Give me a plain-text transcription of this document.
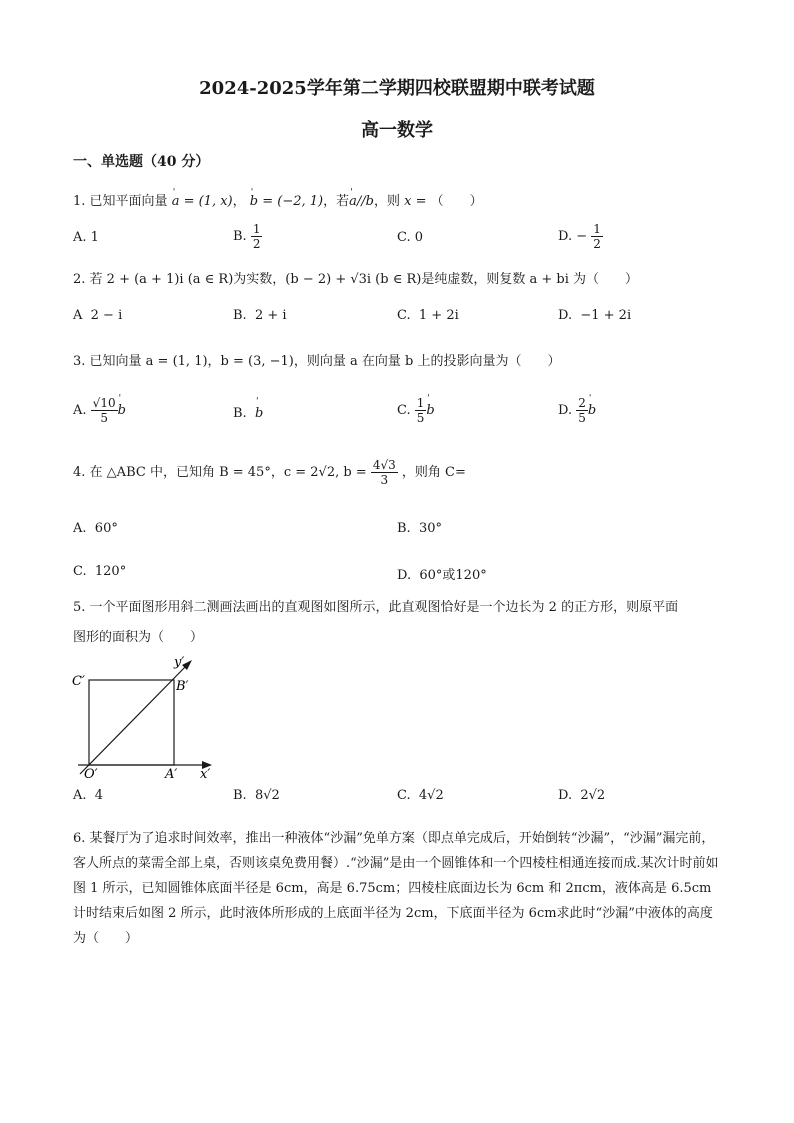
2024-2025学年第二学期四校联盟期中联考试题
高一数学
一、单选题（40 分）
1. 已知平面向量 ' a = (1, x)， ' b = (−2, 1)，若' a//b，则 x = （　　）
A. 1	B. $\frac{1}{2}$	C. 0	D. − $\frac{1}{2}$
2. 若 2 + (a + 1)i (a ∈ R)为实数，(b − 2) + √3i (b ∈ R)是纯虚数，则复数 a + bi 为（　　）
A 2 − i	B. 2 + i	C. 1 + 2i	D. −1 + 2i
3. 已知向量 a = (1, 1)，b = (3, −1)，则向量 a 在向量 b 上的投影向量为（　　）
A. $\frac{√10}{5}$ ' b	B. ' b	C. $\frac{1}{5}$ ' b	D. $\frac{2}{5}$ ' b
4. 在 △ABC 中，已知角 B = 45°，c = 2√2, $b = \frac{4√3}{3}$ ，则角 C=
A. 60°	B. 30°
C. 120°	D. 60°或120°
5. 一个平面图形用斜二测画法画出的直观图如图所示，此直观图恰好是一个边长为 2 的正方形，则原平面
图形的面积为（　　）
C′	B′
y′
O′	A′ x′
A. 4	B. 8√2	C. 4√2	D. 2√2
6. 某餐厅为了追求时间效率，推出一种液体“沙漏”免单方案（即点单完成后，开始倒转“沙漏”，“沙漏”漏完前，客人所点的菜需全部上桌，否则该桌免费用餐）.“沙漏”是由一个圆锥体和一个四棱柱相通连接而成.某次计时前如图 1 所示，已知圆锥体底面半径是 6cm，高是 6.75cm；四棱柱底面边长为 6cm 和 2πcm，液体高是 6.5cm计时结束后如图 2 所示，此时液体所形成的上底面半径为 2cm，下底面半径为 6cm求此时“沙漏”中液体的高度为（　　）
